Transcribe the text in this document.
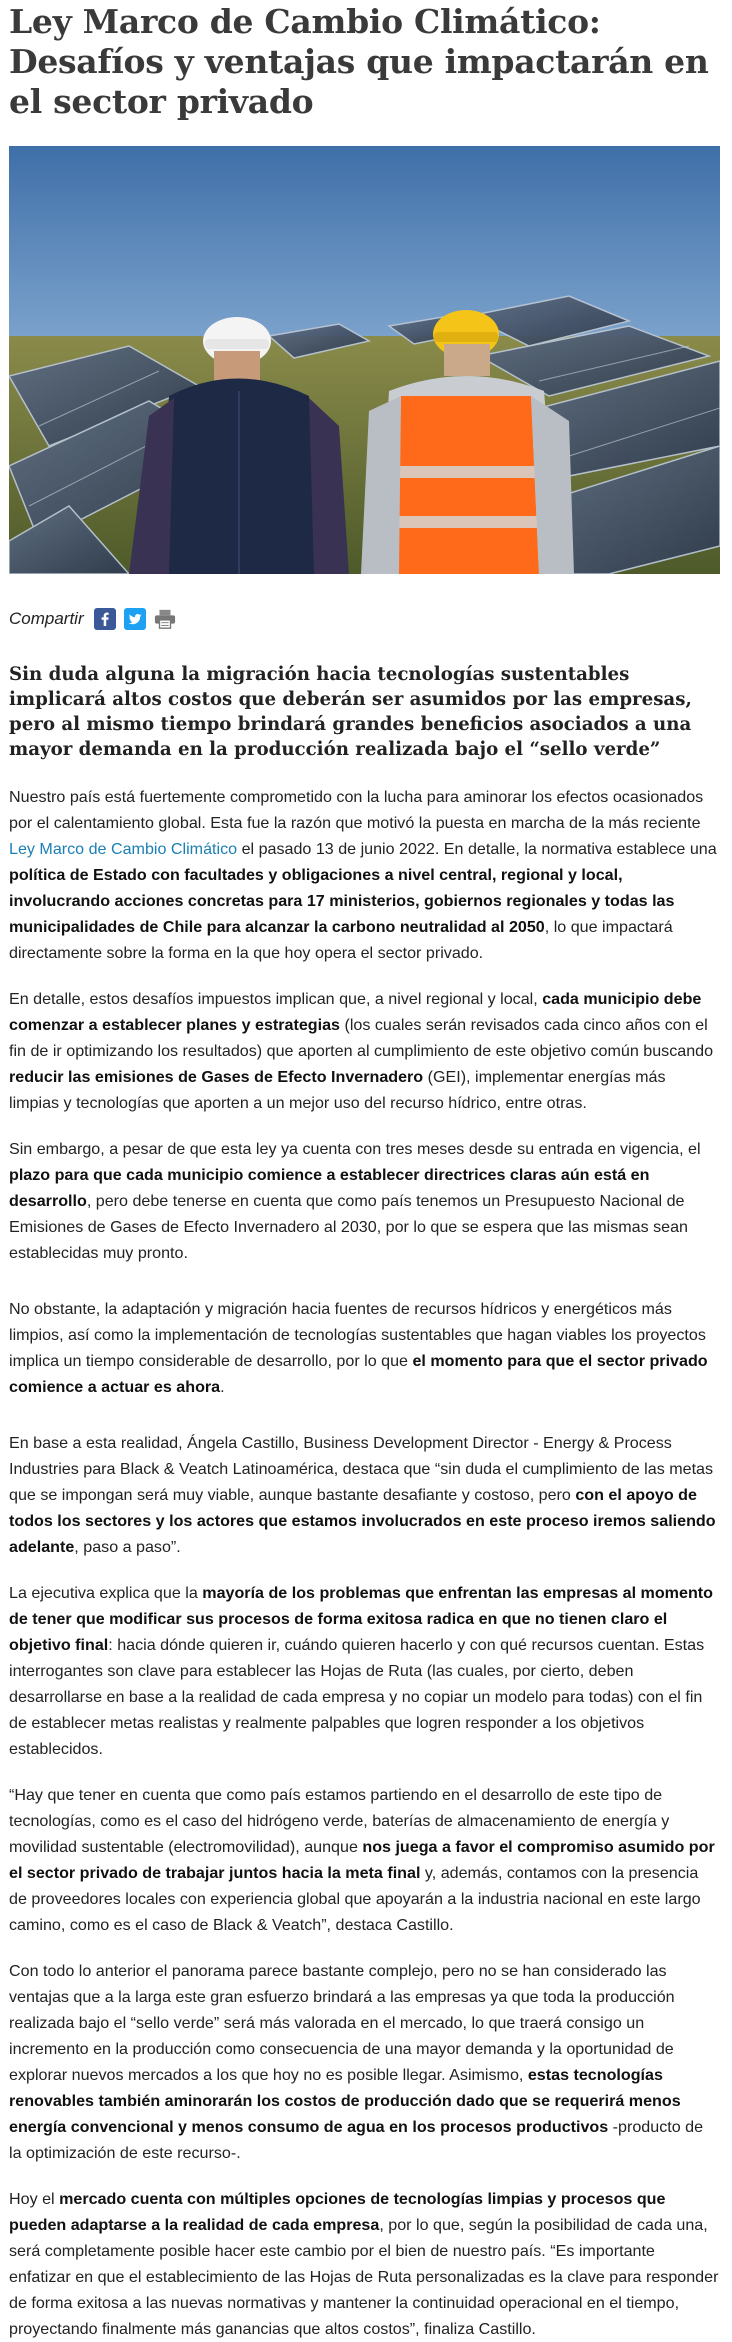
Ley Marco de Cambio Climático: Desafíos y ventajas que impactarán en el sector privado
Compartir

Sin duda alguna la migración hacia tecnologías sustentables implicará altos costos que deberán ser asumidos por las empresas, pero al mismo tiempo brindará grandes beneficios asociados a una mayor demanda en la producción realizada bajo el “sello verde”

Nuestro país está fuertemente comprometido con la lucha para aminorar los efectos ocasionados por el calentamiento global. Esta fue la razón que motivó la puesta en marcha de la más reciente Ley Marco de Cambio Climático el pasado 13 de junio 2022. En detalle, la normativa establece una política de Estado con facultades y obligaciones a nivel central, regional y local, involucrando acciones concretas para 17 ministerios, gobiernos regionales y todas las municipalidades de Chile para alcanzar la carbono neutralidad al 2050, lo que impactará directamente sobre la forma en la que hoy opera el sector privado.

En detalle, estos desafíos impuestos implican que, a nivel regional y local, cada municipio debe comenzar a establecer planes y estrategias (los cuales serán revisados cada cinco años con el fin de ir optimizando los resultados) que aporten al cumplimiento de este objetivo común buscando reducir las emisiones de Gases de Efecto Invernadero (GEI), implementar energías más limpias y tecnologías que aporten a un mejor uso del recurso hídrico, entre otras.

Sin embargo, a pesar de que esta ley ya cuenta con tres meses desde su entrada en vigencia, el plazo para que cada municipio comience a establecer directrices claras aún está en desarrollo, pero debe tenerse en cuenta que como país tenemos un Presupuesto Nacional de Emisiones de Gases de Efecto Invernadero al 2030, por lo que se espera que las mismas sean establecidas muy pronto.

No obstante, la adaptación y migración hacia fuentes de recursos hídricos y energéticos más limpios, así como la implementación de tecnologías sustentables que hagan viables los proyectos implica un tiempo considerable de desarrollo, por lo que el momento para que el sector privado comience a actuar es ahora.

En base a esta realidad, Ángela Castillo, Business Development Director - Energy & Process Industries para Black & Veatch Latinoamérica, destaca que “sin duda el cumplimiento de las metas que se impongan será muy viable, aunque bastante desafiante y costoso, pero con el apoyo de todos los sectores y los actores que estamos involucrados en este proceso iremos saliendo adelante, paso a paso”.

La ejecutiva explica que la mayoría de los problemas que enfrentan las empresas al momento de tener que modificar sus procesos de forma exitosa radica en que no tienen claro el objetivo final: hacia dónde quieren ir, cuándo quieren hacerlo y con qué recursos cuentan. Estas interrogantes son clave para establecer las Hojas de Ruta (las cuales, por cierto, deben desarrollarse en base a la realidad de cada empresa y no copiar un modelo para todas) con el fin de establecer metas realistas y realmente palpables que logren responder a los objetivos establecidos.

“Hay que tener en cuenta que como país estamos partiendo en el desarrollo de este tipo de tecnologías, como es el caso del hidrógeno verde, baterías de almacenamiento de energía y movilidad sustentable (electromovilidad), aunque nos juega a favor el compromiso asumido por el sector privado de trabajar juntos hacia la meta final y, además, contamos con la presencia de proveedores locales con experiencia global que apoyarán a la industria nacional en este largo camino, como es el caso de Black & Veatch”, destaca Castillo.

Con todo lo anterior el panorama parece bastante complejo, pero no se han considerado las ventajas que a la larga este gran esfuerzo brindará a las empresas ya que toda la producción realizada bajo el “sello verde” será más valorada en el mercado, lo que traerá consigo un incremento en la producción como consecuencia de una mayor demanda y la oportunidad de explorar nuevos mercados a los que hoy no es posible llegar. Asimismo, estas tecnologías renovables también aminorarán los costos de producción dado que se requerirá menos energía convencional y menos consumo de agua en los procesos productivos -producto de la optimización de este recurso-.

Hoy el mercado cuenta con múltiples opciones de tecnologías limpias y procesos que pueden adaptarse a la realidad de cada empresa, por lo que, según la posibilidad de cada una, será completamente posible hacer este cambio por el bien de nuestro país. “Es importante enfatizar en que el establecimiento de las Hojas de Ruta personalizadas es la clave para responder de forma exitosa a las nuevas normativas y mantener la continuidad operacional en el tiempo, proyectando finalmente más ganancias que altos costos”, finaliza Castillo.
